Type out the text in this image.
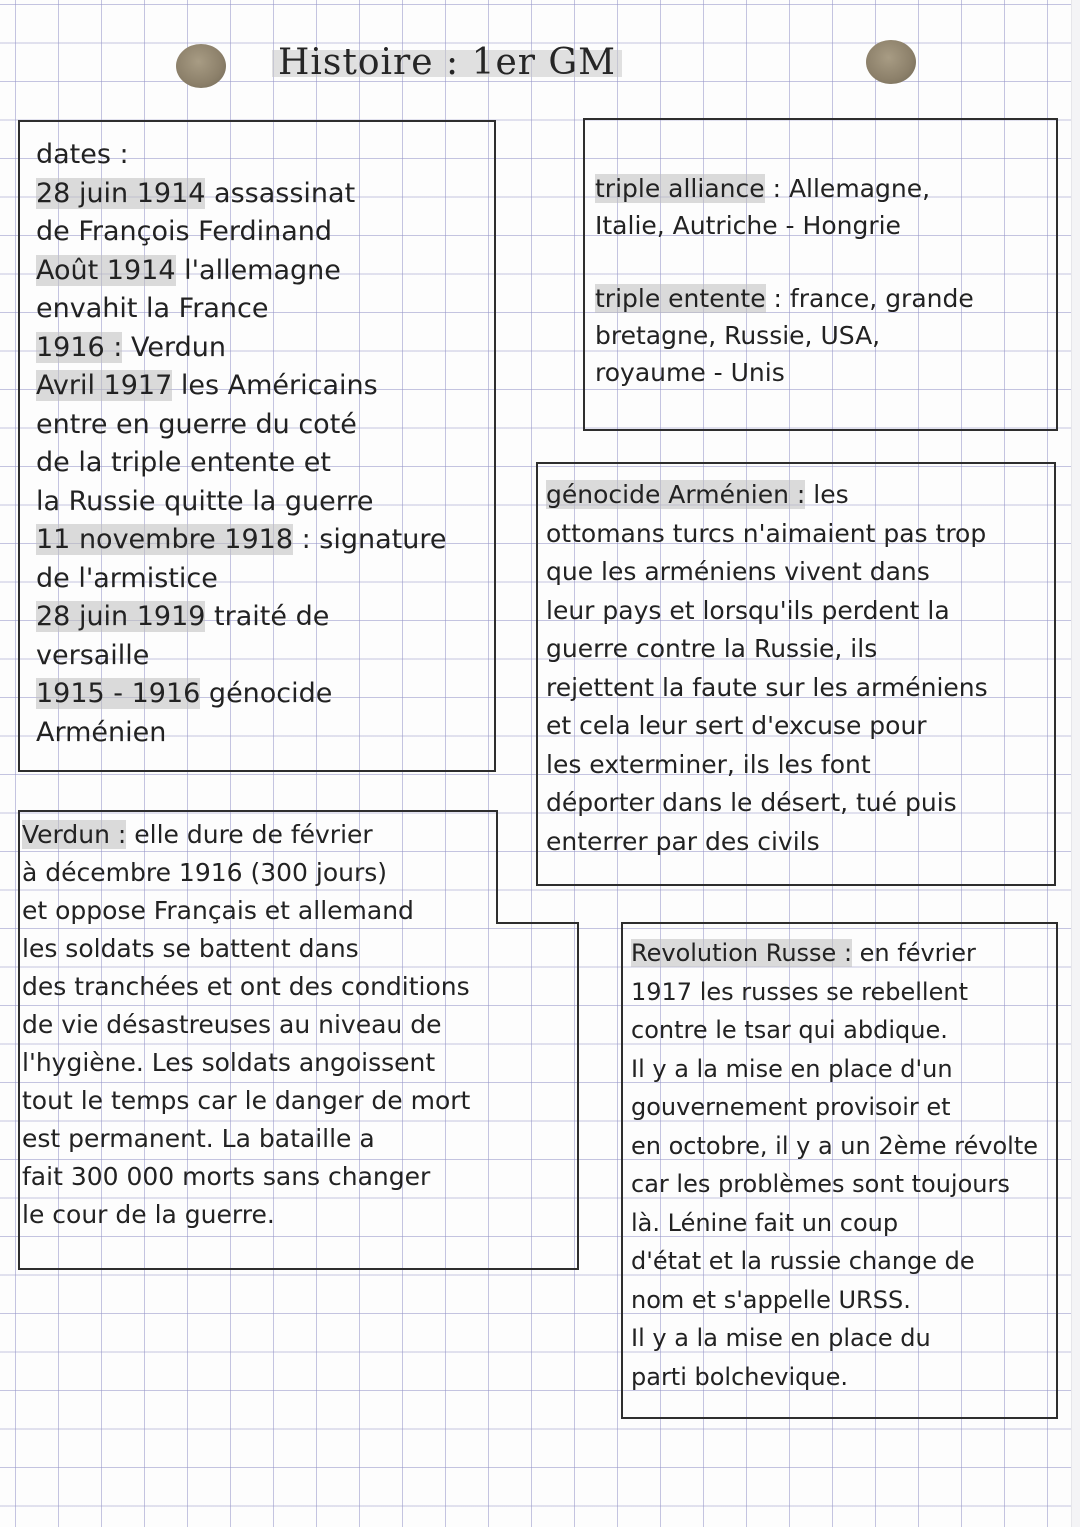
Histoire : 1er GM
dates :
28 juin 1914 assassinat
de François Ferdinand
Août 1914 l'allemagne
envahit la France
1916 : Verdun
Avril 1917 les Américains
entre en guerre du coté
de la triple entente et
la Russie quitte la guerre
11 novembre 1918 : signature
de l'armistice
28 juin 1919 traité de
versaille
1915 - 1916 génocide
Arménien
triple alliance : Allemagne,
Italie, Autriche - Hongrie
triple entente : france, grande
bretagne, Russie, USA,
royaume - Unis
génocide Arménien : les
ottomans turcs n'aimaient pas trop
que les arméniens vivent dans
leur pays et lorsqu'ils perdent la
guerre contre la Russie, ils
rejettent la faute sur les arméniens
et cela leur sert d'excuse pour
les exterminer, ils les font
déporter dans le désert, tué puis
enterrer par des civils
Verdun : elle dure de février
à décembre 1916 (300 jours)
et oppose Français et allemand
les soldats se battent dans
des tranchées et ont des conditions
de vie désastreuses au niveau de
l'hygiène. Les soldats angoissent
tout le temps car le danger de mort
est permanent. La bataille a
fait 300 000 morts sans changer
le cour de la guerre.
Revolution Russe : en février
1917 les russes se rebellent
contre le tsar qui abdique.
Il y a la mise en place d'un
gouvernement provisoir et
en octobre, il y a un 2ème révolte
car les problèmes sont toujours
là. Lénine fait un coup
d'état et la russie change de
nom et s'appelle URSS.
Il y a la mise en place du
parti bolchevique.
